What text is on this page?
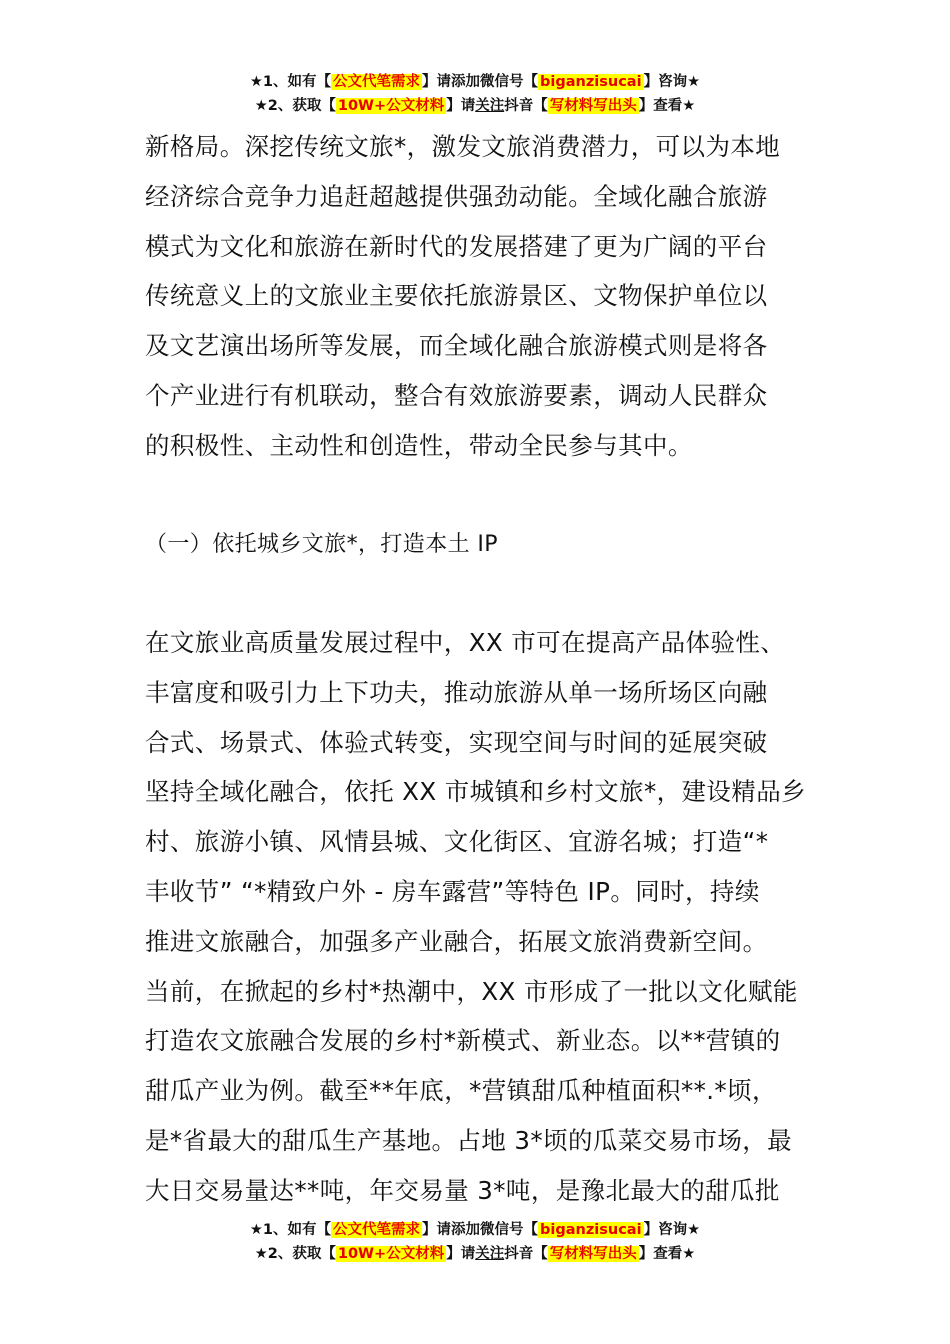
★1、如有【 公文代笔需求 】请添加微信号【 biganzisucai 】咨询★
★2、获取【 10W+公文材料 】请关注抖音【 写材料写出头 】查看★
新格局。深挖传统文旅*，激发文旅消费潜力，可以为本地
经济综合竞争力追赶超越提供强劲动能。全域化融合旅游
模式为文化和旅游在新时代的发展搭建了更为广阔的平台
传统意义上的文旅业主要依托旅游景区、文物保护单位以
及文艺演出场所等发展，而全域化融合旅游模式则是将各
个产业进行有机联动，整合有效旅游要素，调动人民群众
的积极性、主动性和创造性，带动全民参与其中。
（一）依托城乡文旅*，打造本土 IP
在文旅业高质量发展过程中，XX 市可在提高产品体验性、
丰富度和吸引力上下功夫，推动旅游从单一场所场区向融
合式、场景式、体验式转变，实现空间与时间的延展突破
坚持全域化融合，依托 XX 市城镇和乡村文旅*，建设精品乡
村、旅游小镇、风情县城、文化街区、宜游名城；打造“*
丰收节” “*精致户外 - 房车露营”等特色 IP。同时，持续
推进文旅融合，加强多产业融合，拓展文旅消费新空间。
当前，在掀起的乡村*热潮中，XX 市形成了一批以文化赋能
打造农文旅融合发展的乡村*新模式、新业态。以**营镇的
甜瓜产业为例。截至**年底，*营镇甜瓜种植面积**.*顷，
是*省最大的甜瓜生产基地。占地 3*顷的瓜菜交易市场，最
大日交易量达**吨，年交易量 3*吨，是豫北最大的甜瓜批
★1、如有【 公文代笔需求 】请添加微信号【 biganzisucai 】咨询★
★2、获取【 10W+公文材料 】请关注抖音【 写材料写出头 】查看★
